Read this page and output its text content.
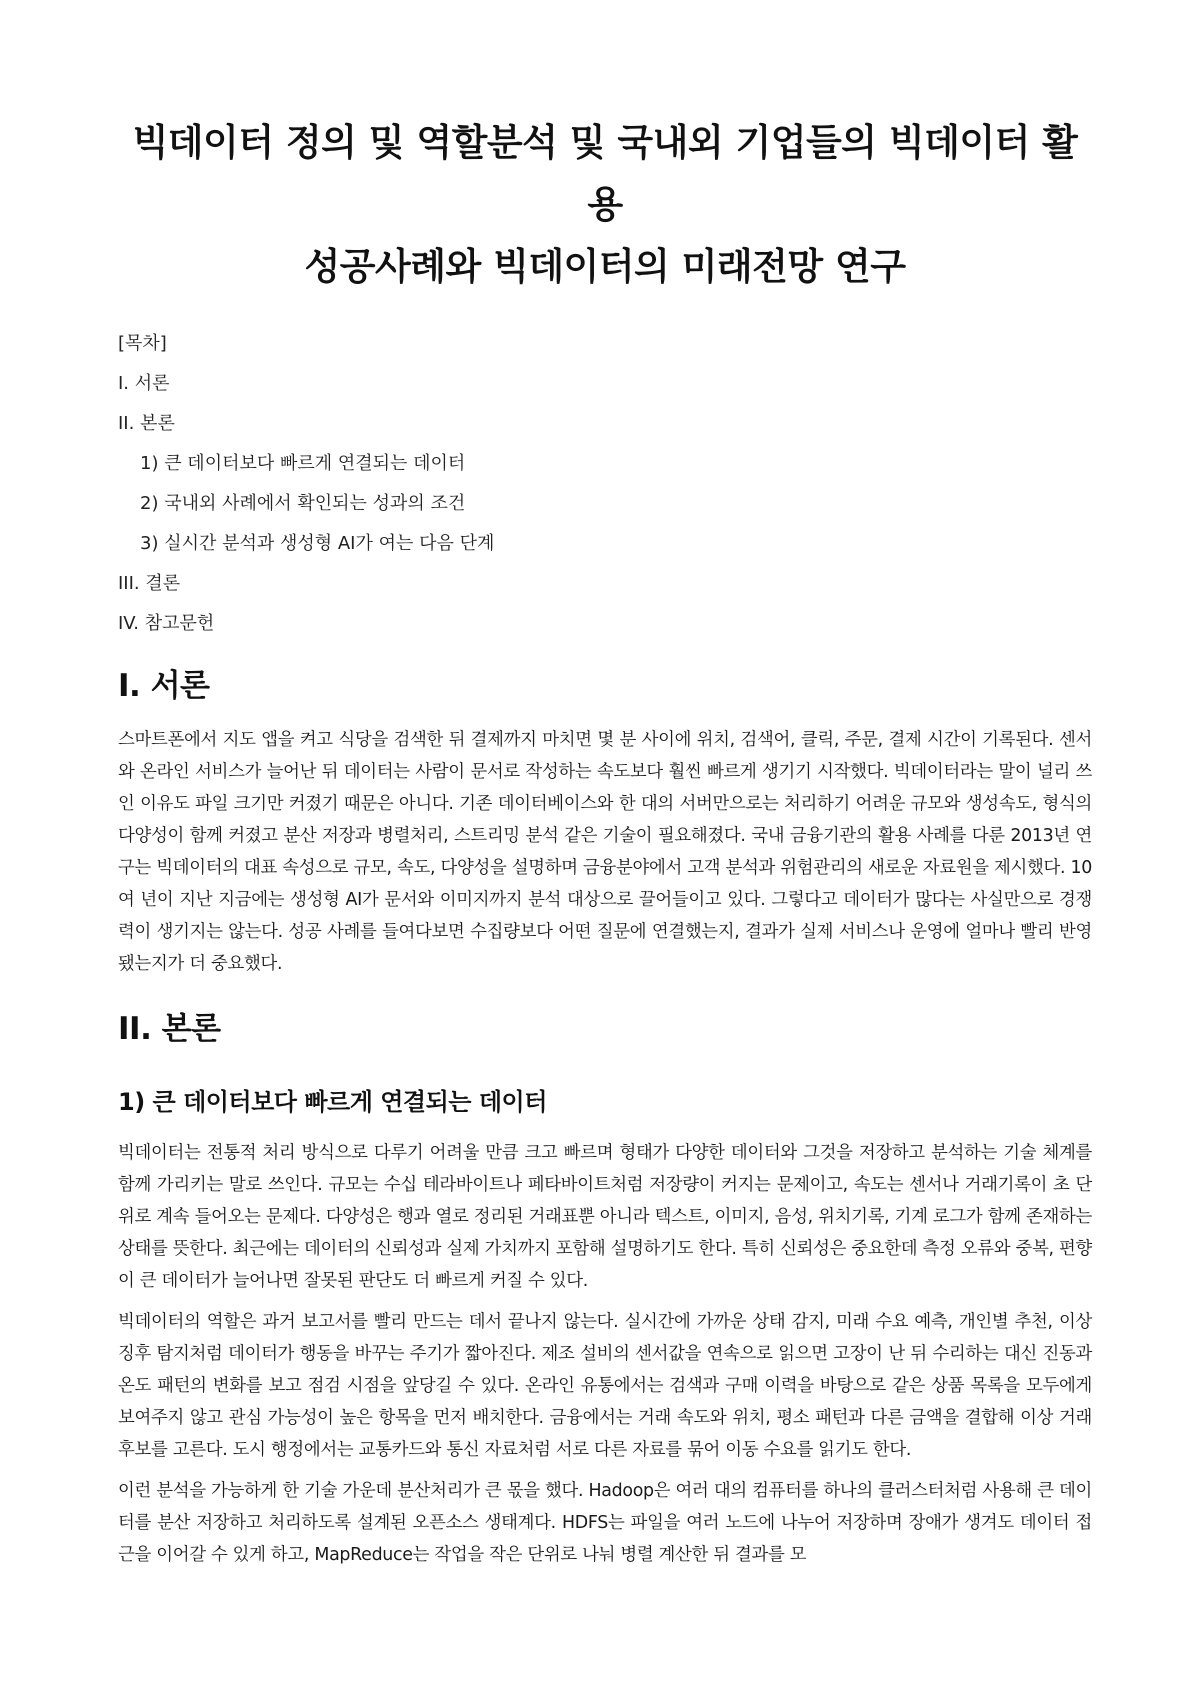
빅데이터 정의 및 역할분석 및 국내외 기업들의 빅데이터 활용
성공사례와 빅데이터의 미래전망 연구
[목차]
I. 서론
II. 본론
1) 큰 데이터보다 빠르게 연결되는 데이터
2) 국내외 사례에서 확인되는 성과의 조건
3) 실시간 분석과 생성형 AI가 여는 다음 단계
III. 결론
IV. 참고문헌
I. 서론

스마트폰에서 지도 앱을 켜고 식당을 검색한 뒤 결제까지 마치면 몇 분 사이에 위치, 검색어, 클릭, 주문, 결제 시간이 기록된다. 센서와 온라인 서비스가 늘어난 뒤 데이터는 사람이 문서로 작성하는 속도보다 훨씬 빠르게 생기기 시작했다. 빅데이터라는 말이 널리 쓰인 이유도 파일 크기만 커졌기 때문은 아니다. 기존 데이터베이스와 한 대의 서버만으로는 처리하기 어려운 규모와 생성속도, 형식의 다양성이 함께 커졌고 분산 저장과 병렬처리, 스트리밍 분석 같은 기술이 필요해졌다. 국내 금융기관의 활용 사례를 다룬 2013년 연구는 빅데이터의 대표 속성으로 규모, 속도, 다양성을 설명하며 금융분야에서 고객 분석과 위험관리의 새로운 자료원을 제시했다. 10여 년이 지난 지금에는 생성형 AI가 문서와 이미지까지 분석 대상으로 끌어들이고 있다. 그렇다고 데이터가 많다는 사실만으로 경쟁력이 생기지는 않는다. 성공 사례를 들여다보면 수집량보다 어떤 질문에 연결했는지, 결과가 실제 서비스나 운영에 얼마나 빨리 반영됐는지가 더 중요했다.

II. 본론
1) 큰 데이터보다 빠르게 연결되는 데이터

빅데이터는 전통적 처리 방식으로 다루기 어려울 만큼 크고 빠르며 형태가 다양한 데이터와 그것을 저장하고 분석하는 기술 체계를 함께 가리키는 말로 쓰인다. 규모는 수십 테라바이트나 페타바이트처럼 저장량이 커지는 문제이고, 속도는 센서나 거래기록이 초 단위로 계속 들어오는 문제다. 다양성은 행과 열로 정리된 거래표뿐 아니라 텍스트, 이미지, 음성, 위치기록, 기계 로그가 함께 존재하는 상태를 뜻한다. 최근에는 데이터의 신뢰성과 실제 가치까지 포함해 설명하기도 한다. 특히 신뢰성은 중요한데 측정 오류와 중복, 편향이 큰 데이터가 늘어나면 잘못된 판단도 더 빠르게 커질 수 있다.

빅데이터의 역할은 과거 보고서를 빨리 만드는 데서 끝나지 않는다. 실시간에 가까운 상태 감지, 미래 수요 예측, 개인별 추천, 이상 징후 탐지처럼 데이터가 행동을 바꾸는 주기가 짧아진다. 제조 설비의 센서값을 연속으로 읽으면 고장이 난 뒤 수리하는 대신 진동과 온도 패턴의 변화를 보고 점검 시점을 앞당길 수 있다. 온라인 유통에서는 검색과 구매 이력을 바탕으로 같은 상품 목록을 모두에게 보여주지 않고 관심 가능성이 높은 항목을 먼저 배치한다. 금융에서는 거래 속도와 위치, 평소 패턴과 다른 금액을 결합해 이상 거래 후보를 고른다. 도시 행정에서는 교통카드와 통신 자료처럼 서로 다른 자료를 묶어 이동 수요를 읽기도 한다.

이런 분석을 가능하게 한 기술 가운데 분산처리가 큰 몫을 했다. Hadoop은 여러 대의 컴퓨터를 하나의 클러스터처럼 사용해 큰 데이터를 분산 저장하고 처리하도록 설계된 오픈소스 생태계다. HDFS는 파일을 여러 노드에 나누어 저장하며 장애가 생겨도 데이터 접근을 이어갈 수 있게 하고, MapReduce는 작업을 작은 단위로 나눠 병렬 계산한 뒤 결과를 모
